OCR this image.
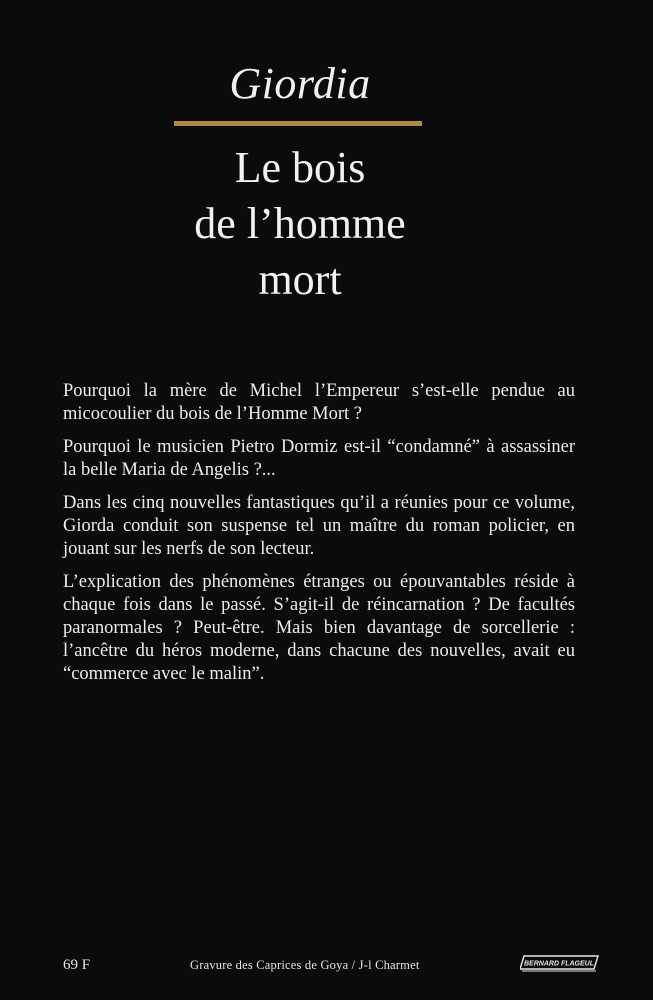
Giordia
Le bois
de l’homme
mort

Pourquoi la mère de Michel l’Empereur s’est-elle pendue au micocoulier du bois de l’Homme Mort ?

Pourquoi le musicien Pietro Dormiz est-il “condamné” à assassiner la belle Maria de Angelis ?...

Dans les cinq nouvelles fantastiques qu’il a réunies pour ce volume, Giorda conduit son suspense tel un maître du roman policier, en jouant sur les nerfs de son lecteur.

L’explication des phénomènes étranges ou épouvantables réside à chaque fois dans le passé. S’agit-il de réincarnation ? De facultés paranormales ? Peut-être. Mais bien davantage de sorcellerie : l’ancêtre du héros moderne, dans chacune des nouvelles, avait eu “commerce avec le malin”.

69 F	Gravure des Caprices de Goya / J-l Charmet	BERNARD FLAGEUL
